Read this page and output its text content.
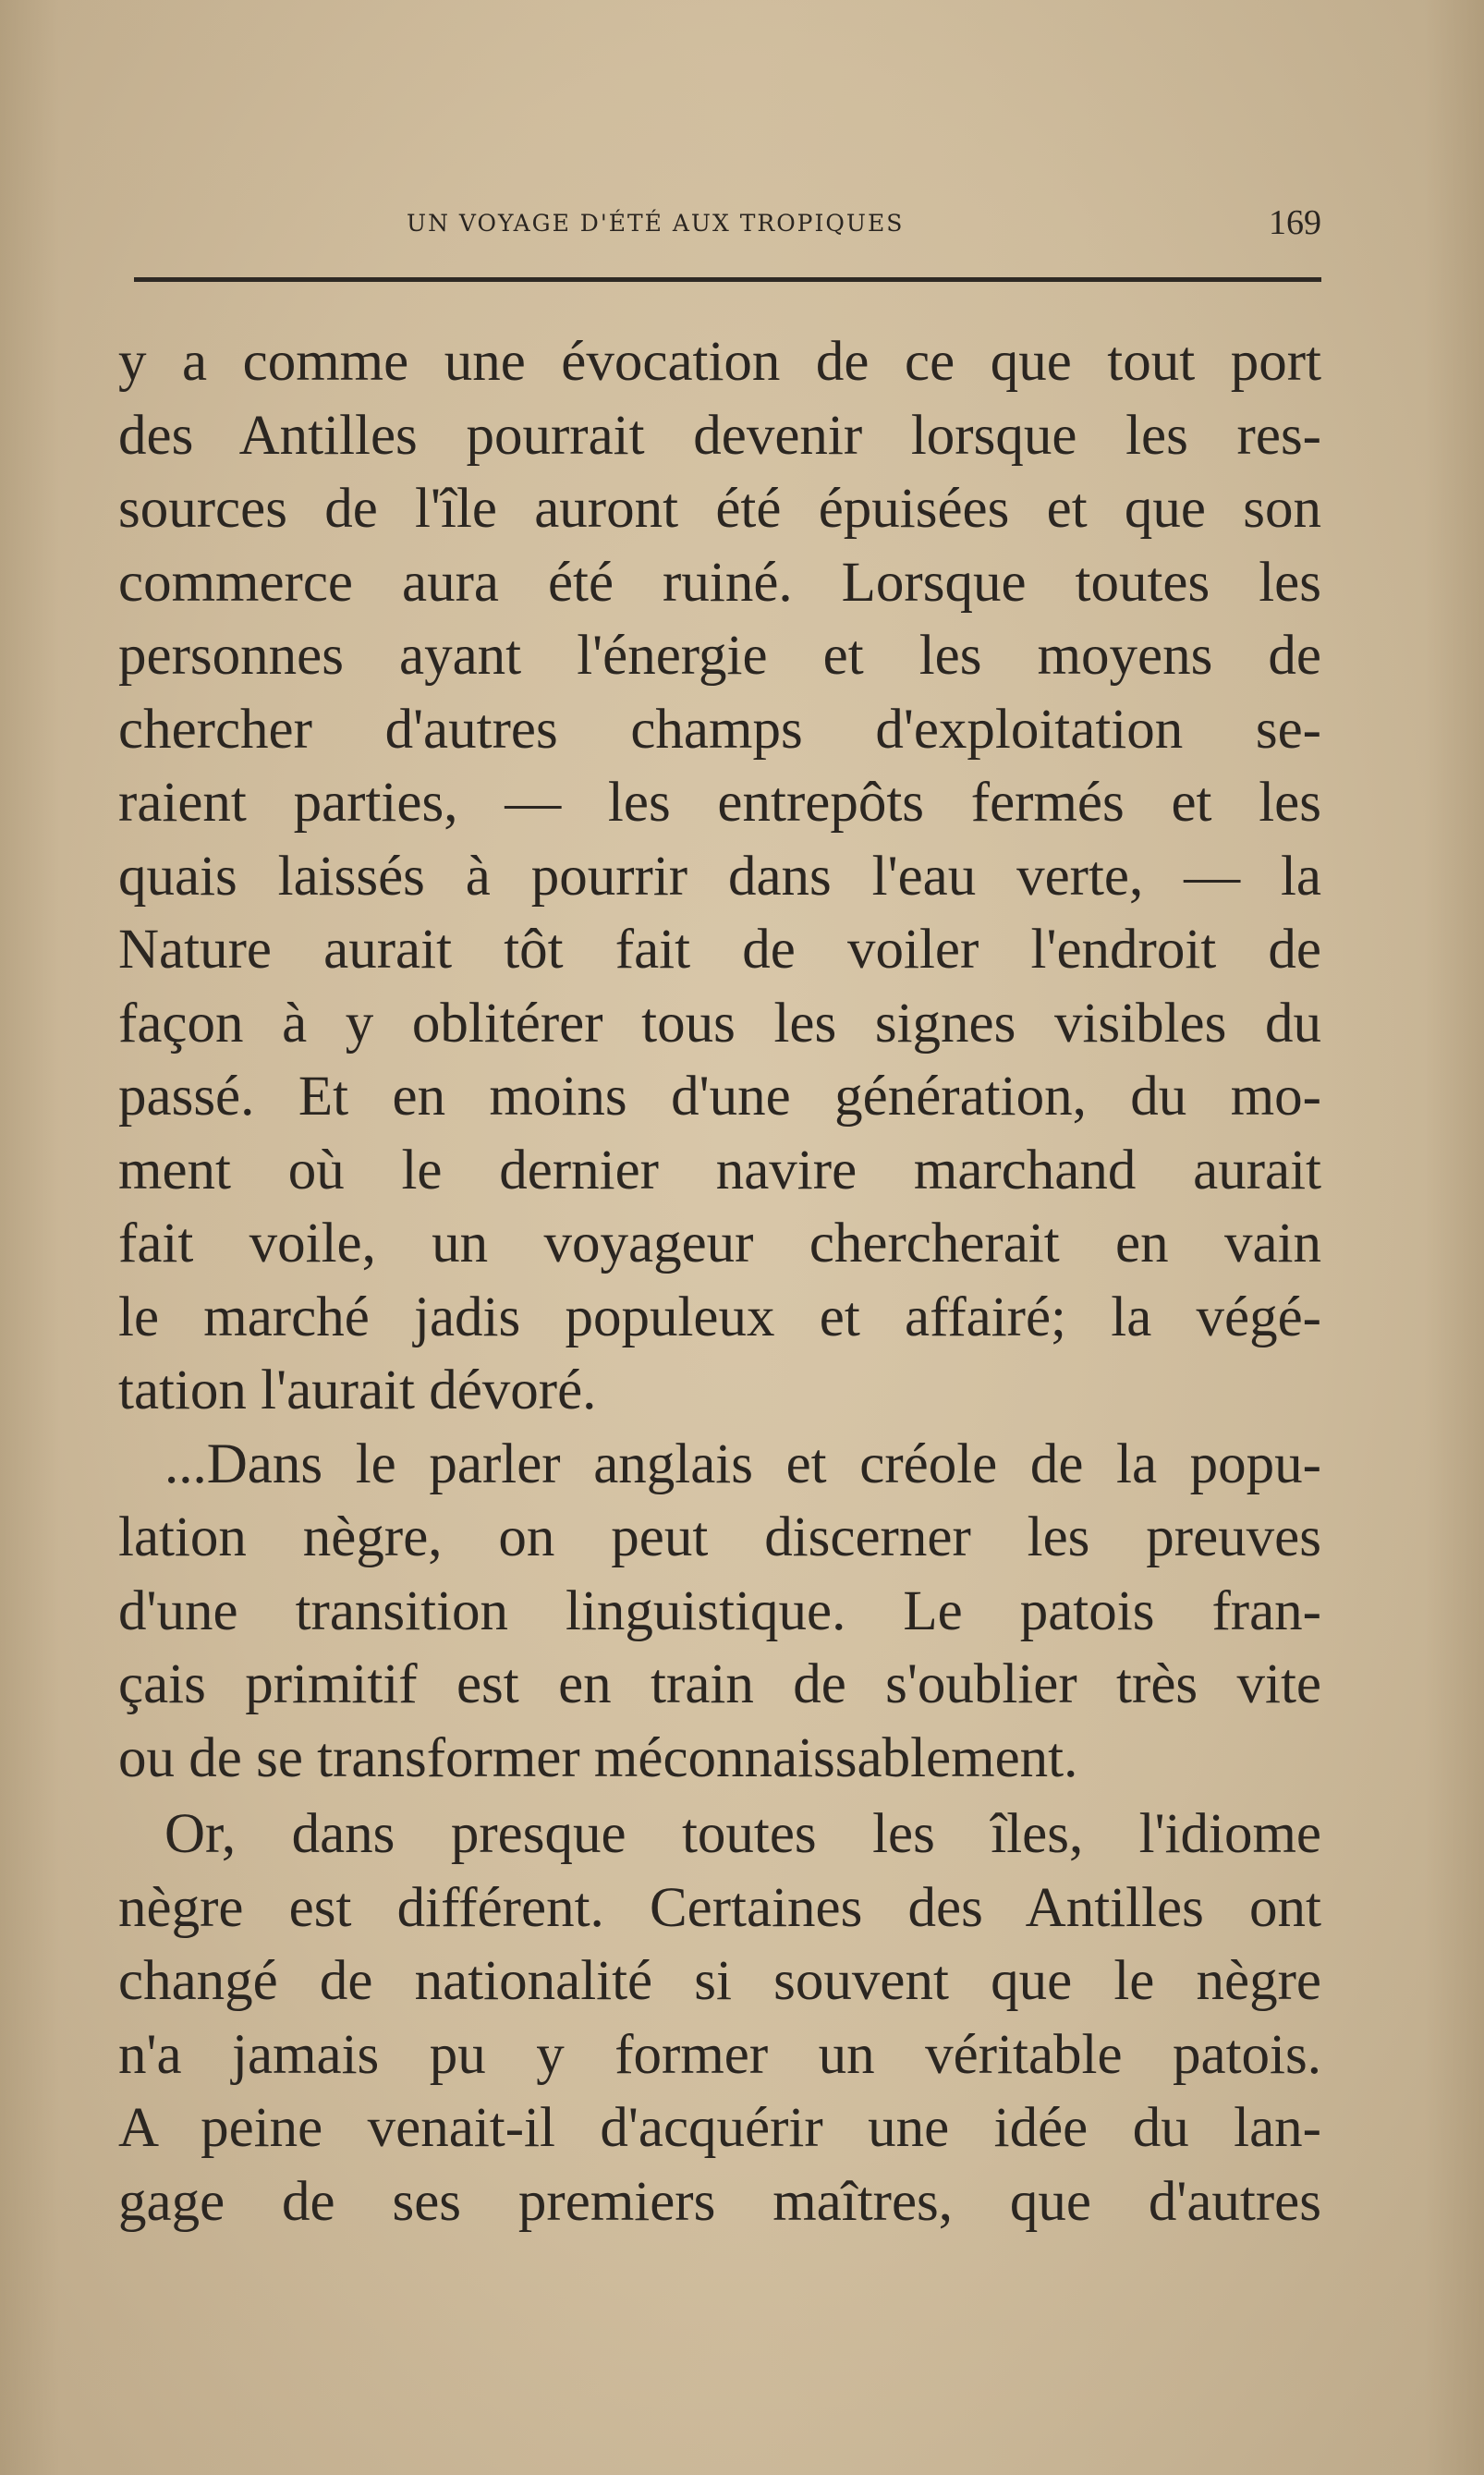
UN VOYAGE D'ÉTÉ AUX TROPIQUES	169
y a comme une évocation de ce que tout port
des Antilles pourrait devenir lorsque les res-
sources de l'île auront été épuisées et que son
commerce aura été ruiné. Lorsque toutes les
personnes ayant l'énergie et les moyens de
chercher d'autres champs d'exploitation se-
raient parties, — les entrepôts fermés et les
quais laissés à pourrir dans l'eau verte, — la
Nature aurait tôt fait de voiler l'endroit de
façon à y oblitérer tous les signes visibles du
passé. Et en moins d'une génération, du mo-
ment où le dernier navire marchand aurait
fait voile, un voyageur chercherait en vain
le marché jadis populeux et affairé; la végé-
tation l'aurait dévoré.
...Dans le parler anglais et créole de la popu-
lation nègre, on peut discerner les preuves
d'une transition linguistique. Le patois fran-
çais primitif est en train de s'oublier très vite
ou de se transformer méconnaissablement.
Or, dans presque toutes les îles, l'idiome
nègre est différent. Certaines des Antilles ont
changé de nationalité si souvent que le nègre
n'a jamais pu y former un véritable patois.
A peine venait-il d'acquérir une idée du lan-
gage de ses premiers maîtres, que d'autres
